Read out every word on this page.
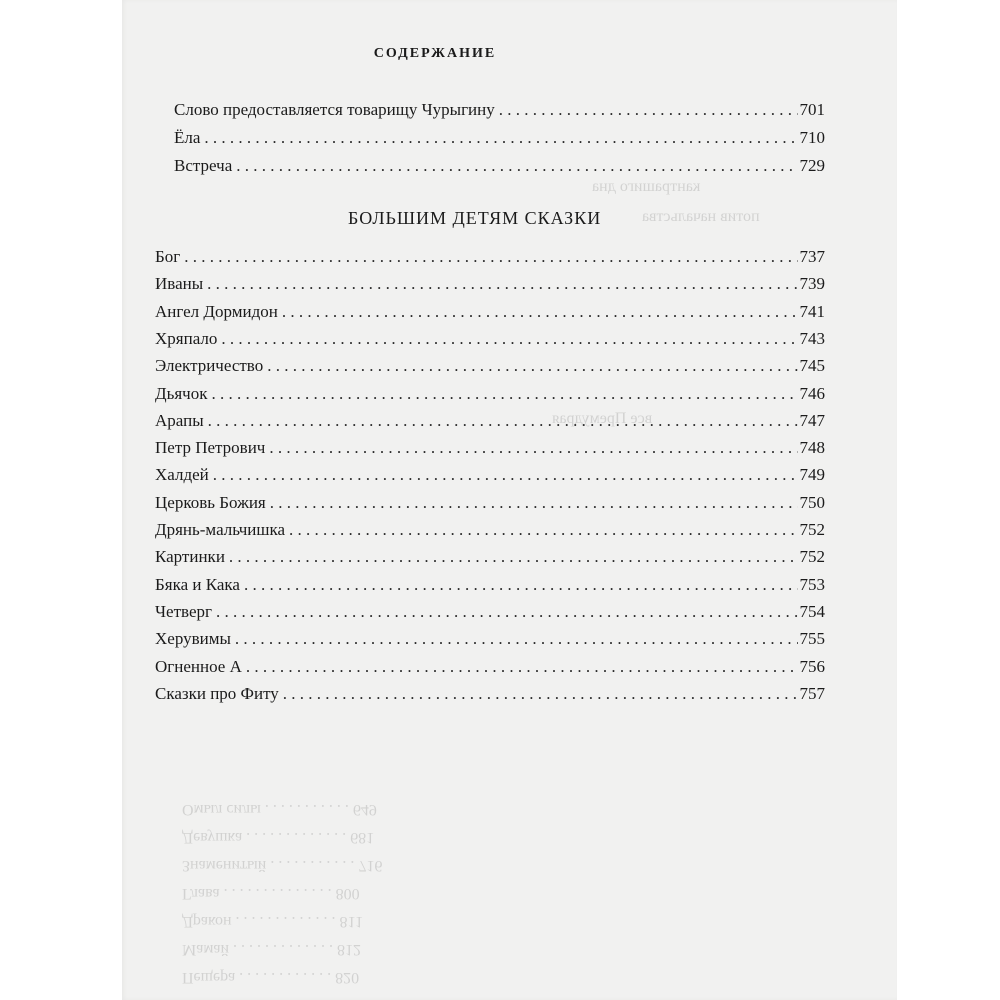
СОДЕРЖАНИЕ
кантрашиго дна
потив начальства
все Премудрая
Омыл силы . . . . . . . . . . . 649
Девушка . . . . . . . . . . . . . 681
Знаменитый . . . . . . . . . . . 716
Глава . . . . . . . . . . . . . . 800
Дракон . . . . . . . . . . . . . 811
Мамай . . . . . . . . . . . . . 812
Пещера . . . . . . . . . . . . 820
Слово предоставляется товарищу Чурыгину . . .	701
Ёла . . .	710
Встреча . . .	729
БОЛЬШИМ ДЕТЯМ СКАЗКИ
Бог . . .	737
Иваны . . .	739
Ангел Дормидон . . .	741
Хряпало . . .	743
Электричество . . .	745
Дьячок . . .	746
Арапы . . .	747
Петр Петрович . . .	748
Халдей . . .	749
Церковь Божия . . .	750
Дрянь-мальчишка . . .	752
Картинки . . .	752
Бяка и Кака . . .	753
Четверг . . .	754
Херувимы . . .	755
Огненное А . . .	756
Сказки про Фиту . . .	757
